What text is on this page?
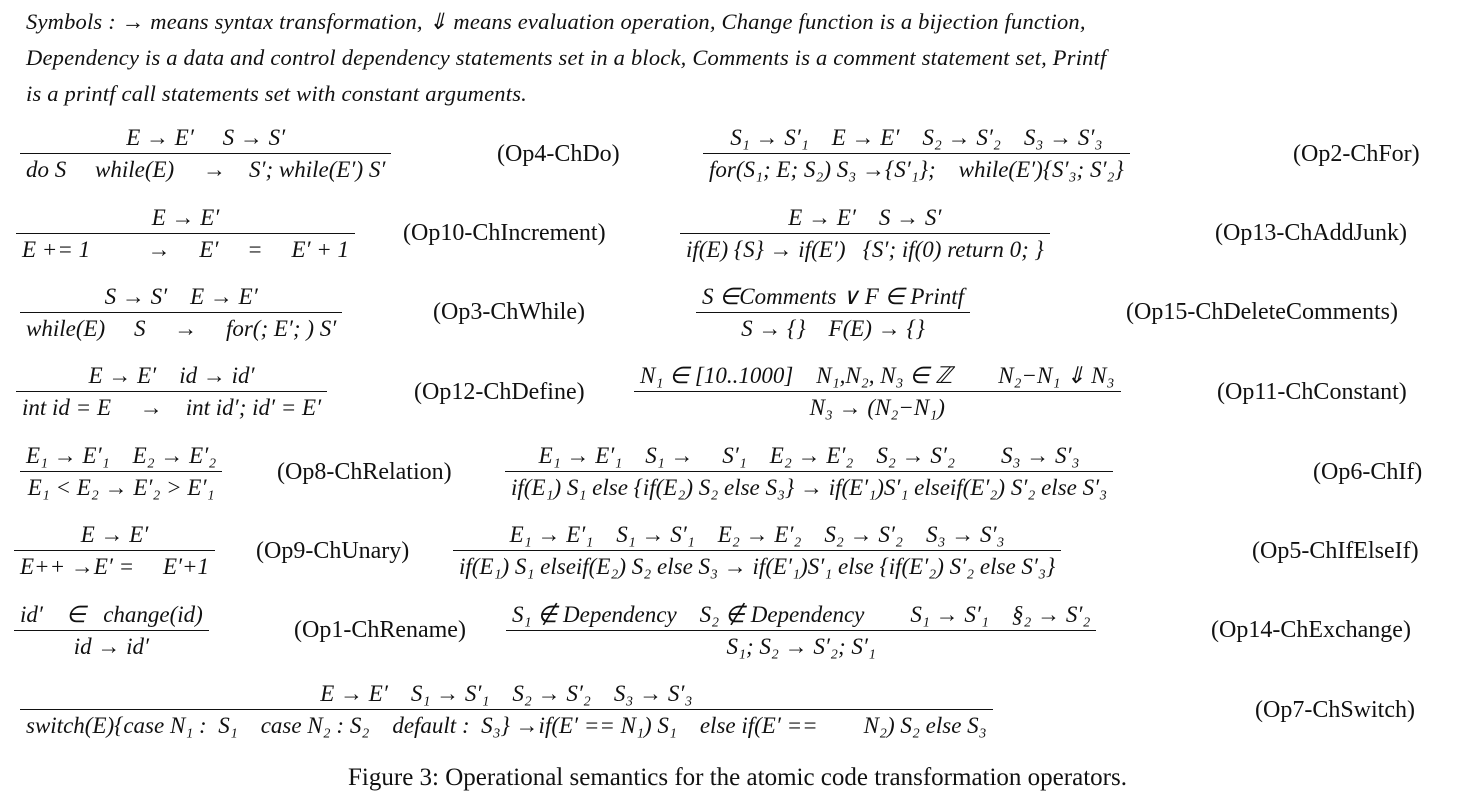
Symbols : → means syntax transformation, ⇓ means evaluation operation, Change function is a bijection function,
Dependency is a data and control dependency statements set in a block, Comments is a comment statement set, Printf
is a printf call statements set with constant arguments.
E → E′     S → S′
do S     while(E)     →    S′; while(E′) S′
(Op4-ChDo)
S₁ → S′₁    E → E′    S₂ → S′₂    S₃ → S′₃
for(S₁; E; S₂) S₃ →{S′₁};    while(E′){S′₃; S′₂}
(Op2-ChFor)
E → E′
E += 1          →     E′     =     E′ + 1
(Op10-ChIncrement)
E → E′    S → S′
if(E) {S} → if(E′)   {S′; if(0) return 0; }
(Op13-ChAddJunk)
S → S′    E → E′
while(E)     S     →     for(; E′; ) S′
(Op3-ChWhile)
S ∈Comments ∨ F ∈ Printf
S → {}    F(E) → {}
(Op15-ChDeleteComments)
E → E′    id → id′
int id = E     →    int id′; id′ = E′
(Op12-ChDefine)
N₁ ∈ [10..1000]    N₁,N₂, N₃ ∈ ℤ        N₂−N₁ ⇓ N₃
N₃ → (N₂−N₁)
(Op11-ChConstant)
E₁ → E′₁    E₂ → E′₂
E₁ < E₂ → E′₂ > E′₁
(Op8-ChRelation)
E₁ → E′₁    S₁ →     S′₁    E₂ → E′₂    S₂ → S′₂        S₃ → S′₃
if(E₁) S₁ else {if(E₂) S₂ else S₃} → if(E′₁)S′₁ elseif(E′₂) S′₂ else S′₃
(Op6-ChIf)
E → E′
E++ →E′ =     E′+1
(Op9-ChUnary)
E₁ → E′₁    S₁ → S′₁    E₂ → E′₂    S₂ → S′₂    S₃ → S′₃
if(E₁) S₁ elseif(E₂) S₂ else S₃ → if(E′₁)S′₁ else {if(E′₂) S′₂ else S′₃}
(Op5-ChIfElseIf)
id′    ∈   change(id)
id → id′
(Op1-ChRename)
S₁ ∉ Dependency    S₂ ∉ Dependency        S₁ → S′₁    §₂ → S′₂
S₁; S₂ → S′₂; S′₁
(Op14-ChExchange)
E → E′    S₁ → S′₁    S₂ → S′₂    S₃ → S′₃
switch(E){case N₁ :  S₁    case N₂ : S₂    default :  S₃} →if(E′ == N₁) S₁    else if(E′ ==        N₂) S₂ else S₃
(Op7-ChSwitch)
Figure 3: Operational semantics for the atomic code transformation operators.
